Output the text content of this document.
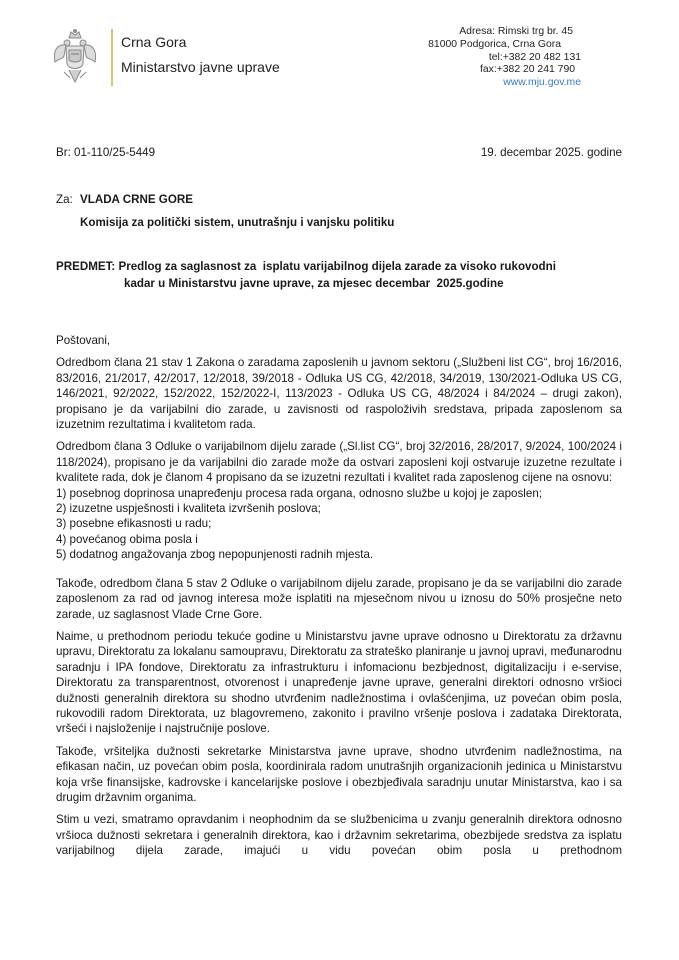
Crna Gora
Ministarstvo javne uprave
Adresa: Rimski trg br. 45
81000 Podgorica, Crna Gora
tel:+382 20 482 131
fax:+382 20 241 790
www.mju.gov.me
Br: 01-110/25-5449	19. decembar 2025. godine
Za: VLADA CRNE GORE
Komisija za politički sistem, unutrašnju i vanjsku politiku
PREDMET: Predlog za saglasnost za  isplatu varijabilnog dijela zarade za visoko rukovodni
kadar u Ministarstvu javne uprave, za mjesec decembar  2025.godine
Poštovani,

Odredbom člana 21 stav 1 Zakona o zaradama zaposlenih u javnom sektoru („Službeni list CG“, broj 16/2016, 83/2016, 21/2017, 42/2017, 12/2018, 39/2018 - Odluka US CG, 42/2018, 34/2019, 130/2021-Odluka US CG, 146/2021, 92/2022, 152/2022, 152/2022-I, 113/2023 - Odluka US CG, 48/2024 i 84/2024 – drugi zakon), propisano je da varijabilni dio zarade, u zavisnosti od raspoloživih sredstava, pripada zaposlenom sa izuzetnim rezultatima i kvalitetom rada.

Odredbom člana 3 Odluke o varijabilnom dijelu zarade („Sl.list CG“, broj 32/2016, 28/2017, 9/2024, 100/2024 i 118/2024), propisano je da varijabilni dio zarade može da ostvari zaposleni koji ostvaruje izuzetne rezultate i kvalitete rada, dok je članom 4 propisano da se izuzetni rezultati i kvalitet rada zaposlenog cijene na osnovu:

1) posebnog doprinosa unapređenju procesa rada organa, odnosno službe u kojoj je zaposlen;
2) izuzetne uspješnosti i kvaliteta izvršenih poslova;
3) posebne efikasnosti u radu;
4) povećanog obima posla i
5) dodatnog angažovanja zbog nepopunjenosti radnih mjesta.

Takođe, odredbom člana 5 stav 2 Odluke o varijabilnom dijelu zarade, propisano je da se varijabilni dio zarade zaposlenom za rad od javnog interesa može isplatiti na mjesečnom nivou u iznosu do 50% prosječne neto zarade, uz saglasnost Vlade Crne Gore.

Naime, u prethodnom periodu tekuće godine u Ministarstvu javne uprave odnosno u Direktoratu za državnu upravu, Direktoratu za lokalanu samoupravu, Direktoratu za strateško planiranje u javnoj upravi, međunarodnu saradnju i IPA fondove, Direktoratu za infrastrukturu i infomacionu bezbjednost, digitalizaciju i e-servise, Direktoratu za transparentnost, otvorenost i unapređenje javne uprave, generalni direktori odnosno vršioci dužnosti generalnih direktora su shodno utvrđenim nadležnostima i ovlašćenjima, uz povećan obim posla, rukovodili radom Direktorata, uz blagovremeno, zakonito i pravilno vršenje poslova i zadataka Direktorata, vršeći i najsloženije i najstručnije poslove.

Takođe, vršiteljka dužnosti sekretarke Ministarstva javne uprave, shodno utvrđenim nadležnostima, na efikasan način, uz povećan obim posla, koordinirala radom unutrašnjih organizacionih jedinica u Ministarstvu koja vrše finansijske, kadrovske i kancelarijske poslove i obezbjeđivala saradnju unutar Ministarstva, kao i sa drugim državnim organima.

Stim u vezi, smatramo opravdanim i neophodnim da se službenicima u zvanju generalnih direktora odnosno vršioca dužnosti sekretara i generalnih direktora, kao i državnim sekretarima, obezbijede sredstva za isplatu varijabilnog dijela zarade, imajući u vidu povećan obim posla u prethodnom
